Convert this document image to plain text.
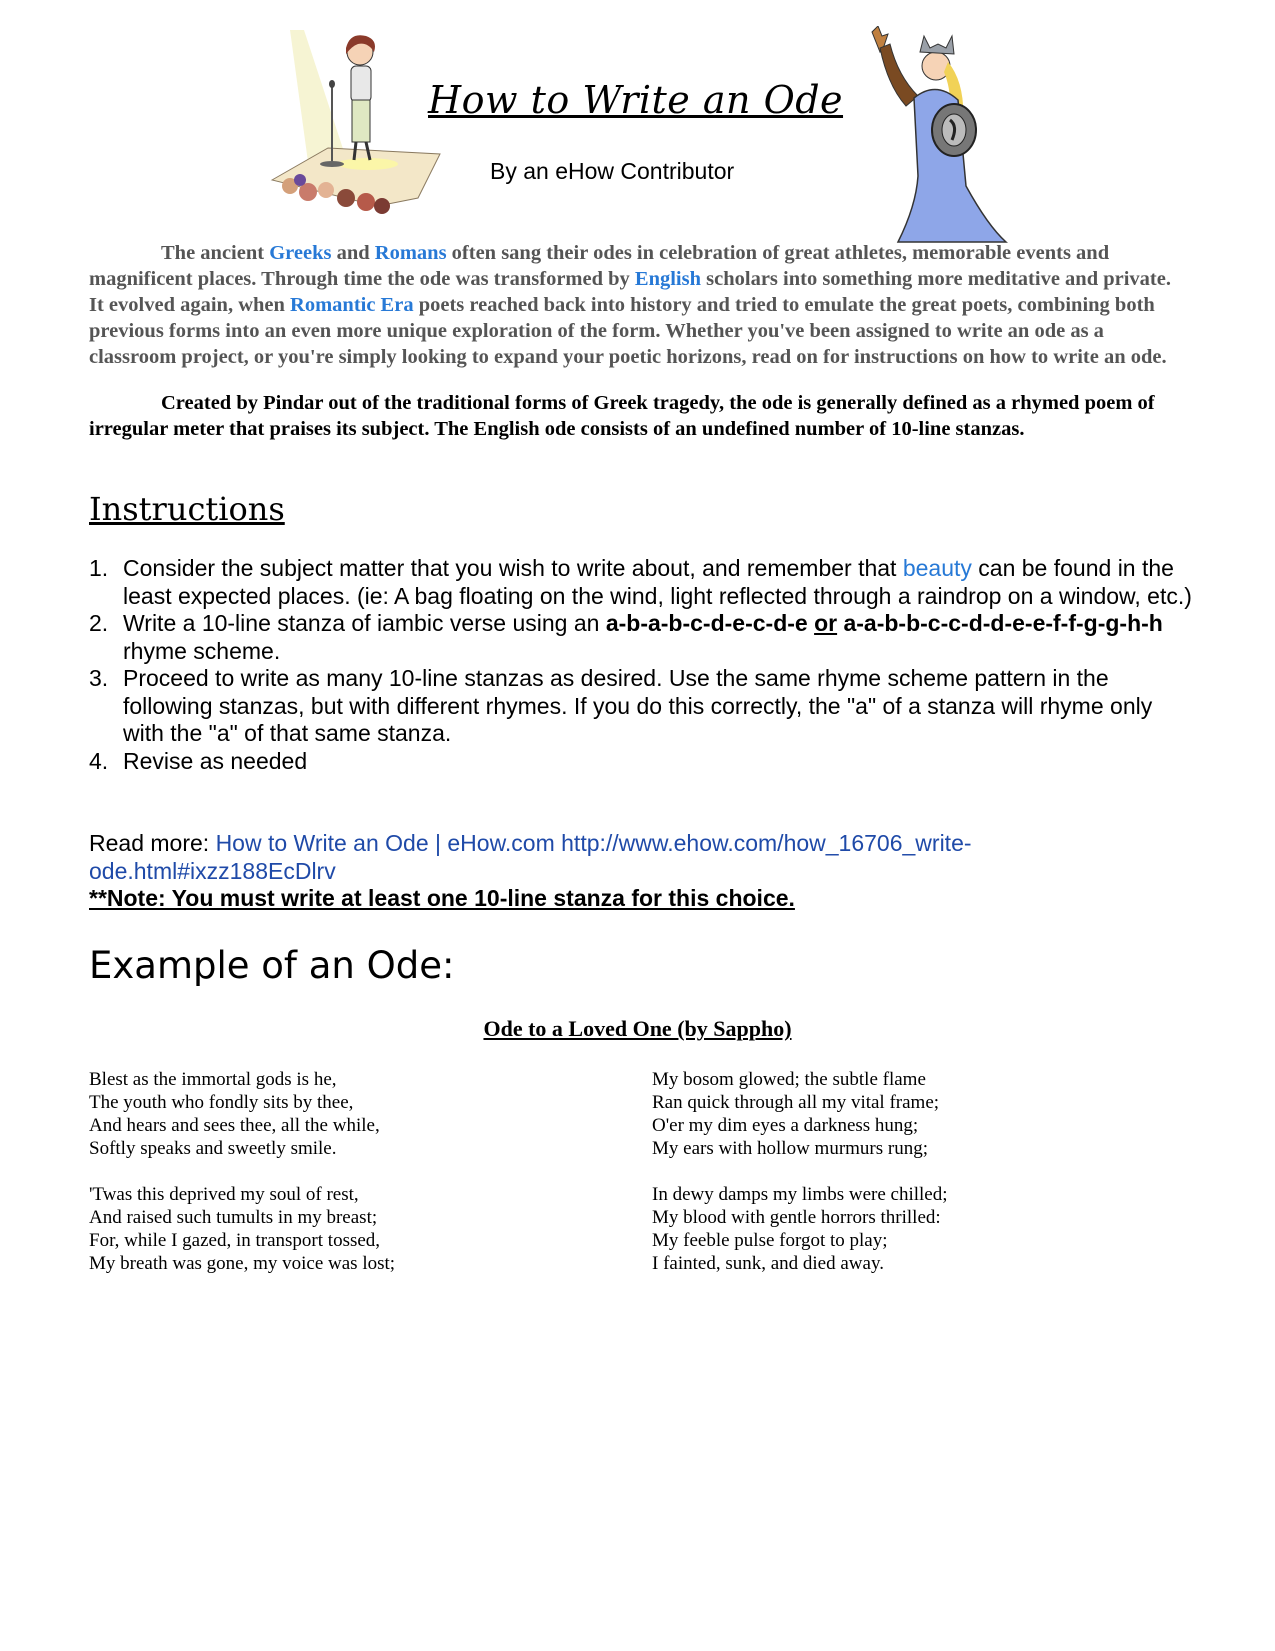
How to Write an Ode
By an eHow Contributor
The ancient Greeks and Romans often sang their odes in celebration of great athletes, memorable events and magnificent places. Through time the ode was transformed by English scholars into something more meditative and private. It evolved again, when Romantic Era poets reached back into history and tried to emulate the great poets, combining both previous forms into an even more unique exploration of the form. Whether you've been assigned to write an ode as a classroom project, or you're simply looking to expand your poetic horizons, read on for instructions on how to write an ode.
Created by Pindar out of the traditional forms of Greek tragedy, the ode is generally defined as a rhymed poem of irregular meter that praises its subject. The English ode consists of an undefined number of 10-line stanzas.
Instructions
1. Consider the subject matter that you wish to write about, and remember that beauty can be found in the least expected places. (ie: A bag floating on the wind, light reflected through a raindrop on a window, etc.)
2. Write a 10-line stanza of iambic verse using an a-b-a-b-c-d-e-c-d-e or a-a-b-b-c-c-d-d-e-e-f-f-g-g-h-h rhyme scheme.
3. Proceed to write as many 10-line stanzas as desired. Use the same rhyme scheme pattern in the following stanzas, but with different rhymes. If you do this correctly, the "a" of a stanza will rhyme only with the "a" of that same stanza.
4. Revise as needed
Read more: How to Write an Ode | eHow.com http://www.ehow.com/how_16706_write-ode.html#ixzz188EcDlrv
**Note: You must write at least one 10-line stanza for this choice.
Example of an Ode:
Ode to a Loved One (by Sappho)
Blest as the immortal gods is he,
The youth who fondly sits by thee,
And hears and sees thee, all the while,
Softly speaks and sweetly smile.
'Twas this deprived my soul of rest,
And raised such tumults in my breast;
For, while I gazed, in transport tossed,
My breath was gone, my voice was lost;
My bosom glowed; the subtle flame
Ran quick through all my vital frame;
O'er my dim eyes a darkness hung;
My ears with hollow murmurs rung;
In dewy damps my limbs were chilled;
My blood with gentle horrors thrilled:
My feeble pulse forgot to play;
I fainted, sunk, and died away.
